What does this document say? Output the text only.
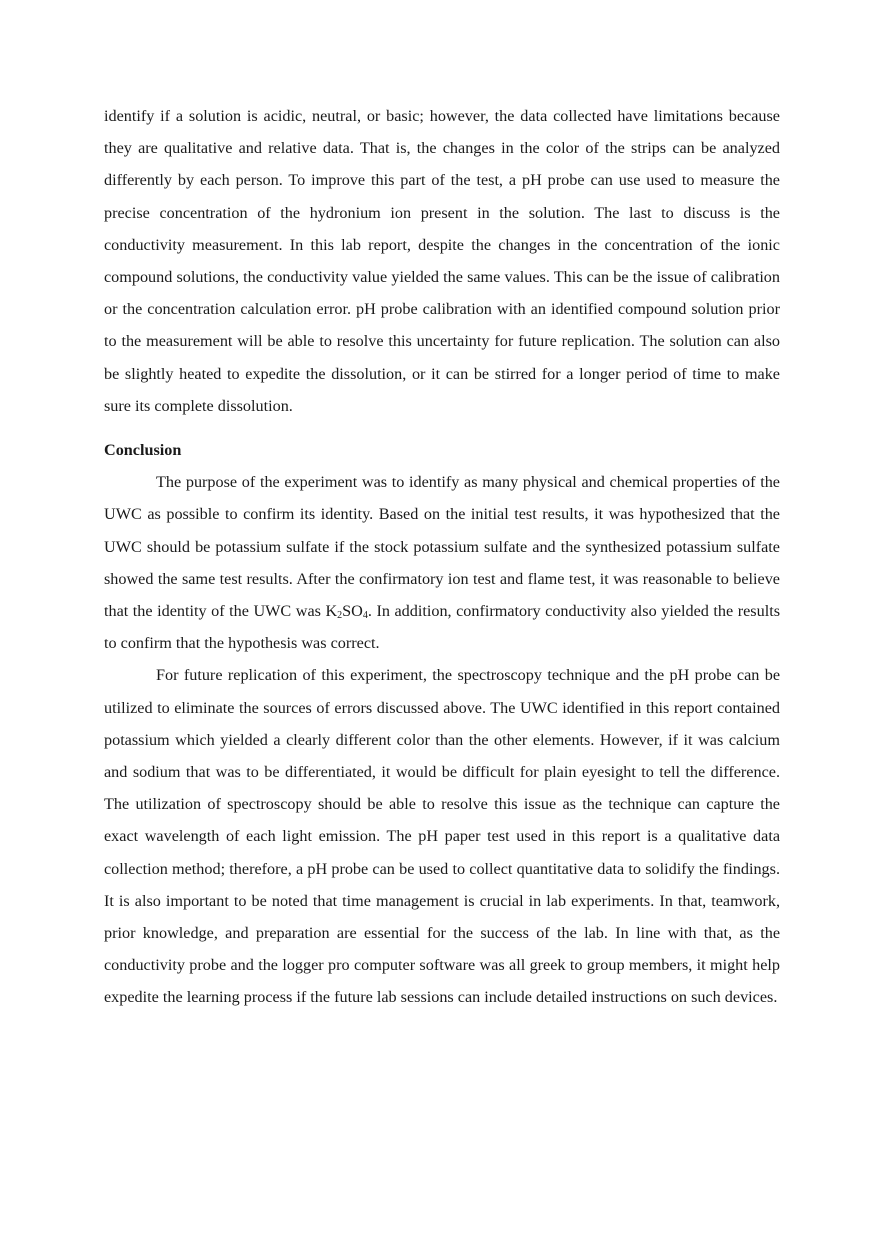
identify if a solution is acidic, neutral, or basic; however, the data collected have limitations because they are qualitative and relative data. That is, the changes in the color of the strips can be analyzed differently by each person. To improve this part of the test, a pH probe can use used to measure the precise concentration of the hydronium ion present in the solution. The last to discuss is the conductivity measurement. In this lab report, despite the changes in the concentration of the ionic compound solutions, the conductivity value yielded the same values. This can be the issue of calibration or the concentration calculation error. pH probe calibration with an identified compound solution prior to the measurement will be able to resolve this uncertainty for future replication. The solution can also be slightly heated to expedite the dissolution, or it can be stirred for a longer period of time to make sure its complete dissolution.

Conclusion

The purpose of the experiment was to identify as many physical and chemical properties of the UWC as possible to confirm its identity. Based on the initial test results, it was hypothesized that the UWC should be potassium sulfate if the stock potassium sulfate and the synthesized potassium sulfate showed the same test results. After the confirmatory ion test and flame test, it was reasonable to believe that the identity of the UWC was $K_2SO_4$. In addition, confirmatory conductivity also yielded the results to confirm that the hypothesis was correct.

For future replication of this experiment, the spectroscopy technique and the pH probe can be utilized to eliminate the sources of errors discussed above. The UWC identified in this report contained potassium which yielded a clearly different color than the other elements. However, if it was calcium and sodium that was to be differentiated, it would be difficult for plain eyesight to tell the difference. The utilization of spectroscopy should be able to resolve this issue as the technique can capture the exact wavelength of each light emission. The pH paper test used in this report is a qualitative data collection method; therefore, a pH probe can be used to collect quantitative data to solidify the findings. It is also important to be noted that time management is crucial in lab experiments. In that, teamwork, prior knowledge, and preparation are essential for the success of the lab. In line with that, as the conductivity probe and the logger pro computer software was all greek to group members, it might help expedite the learning process if the future lab sessions can include detailed instructions on such devices.
